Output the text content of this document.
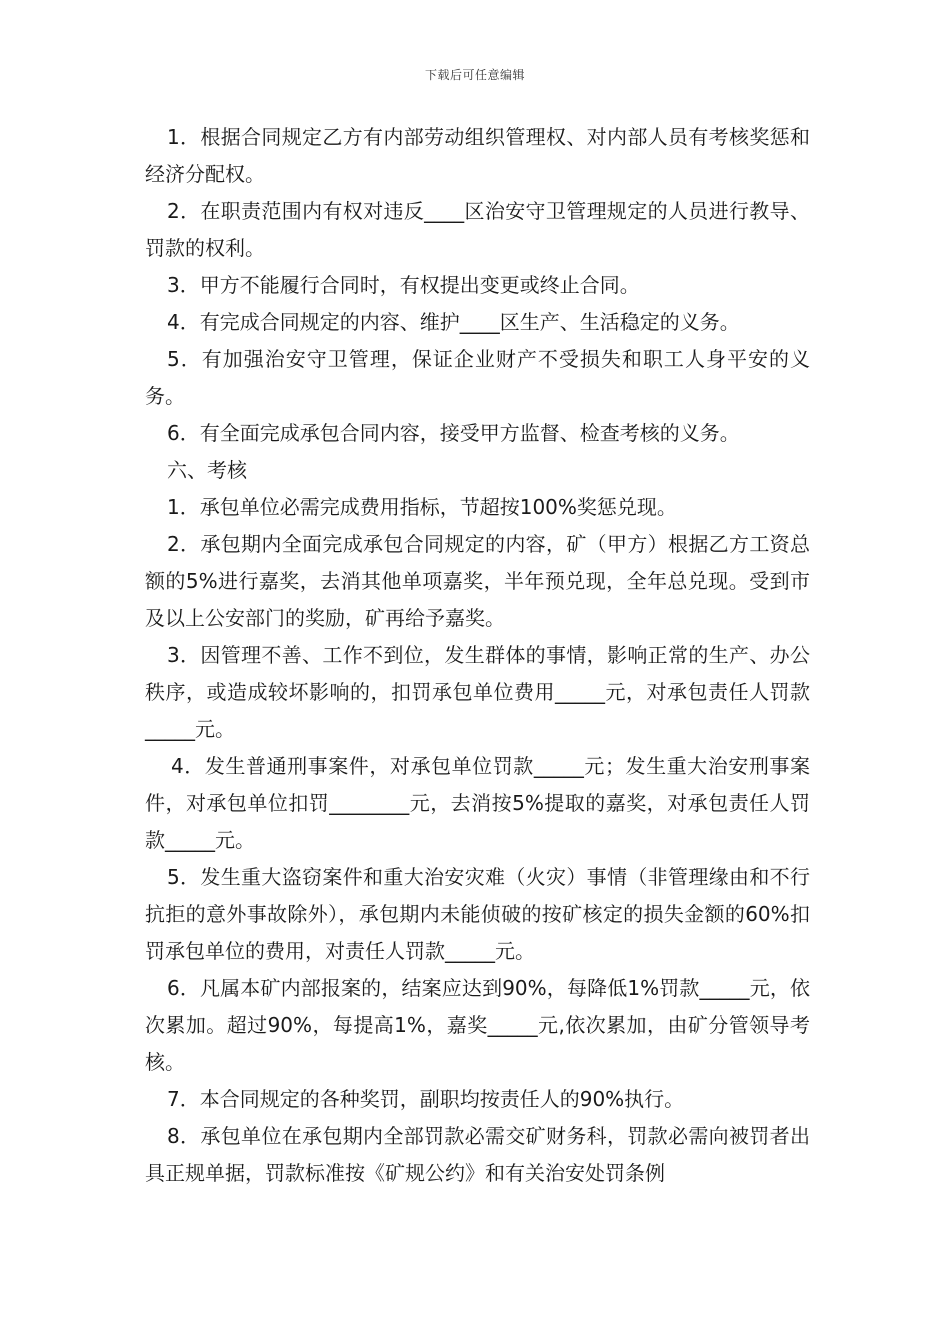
下载后可任意编辑

1．根据合同规定乙方有内部劳动组织管理权、对内部人员有考核奖惩和经济分配权。

2．在职责范围内有权对违反____区治安守卫管理规定的人员进行教导、罚款的权利。

3．甲方不能履行合同时，有权提出变更或终止合同。

4．有完成合同规定的内容、维护____区生产、生活稳定的义务。

5．有加强治安守卫管理，保证企业财产不受损失和职工人身平安的义务。

6．有全面完成承包合同内容，接受甲方监督、检查考核的义务。

六、考核

1．承包单位必需完成费用指标，节超按100%奖惩兑现。

2．承包期内全面完成承包合同规定的内容，矿（甲方）根据乙方工资总额的5%进行嘉奖，去消其他单项嘉奖，半年预兑现，全年总兑现。受到市及以上公安部门的奖励，矿再给予嘉奖。

3．因管理不善、工作不到位，发生群体的事情，影响正常的生产、办公秩序，或造成较坏影响的，扣罚承包单位费用_____元，对承包责任人罚款_____元。

4．发生普通刑事案件，对承包单位罚款_____元；发生重大治安刑事案件，对承包单位扣罚________元，去消按5%提取的嘉奖，对承包责任人罚款_____元。

5．发生重大盗窃案件和重大治安灾难（火灾）事情（非管理缘由和不行抗拒的意外事故除外），承包期内未能侦破的按矿核定的损失金额的60%扣罚承包单位的费用，对责任人罚款_____元。

6．凡属本矿内部报案的，结案应达到90%，每降低1%罚款_____元，依次累加。超过90%，每提高1%，嘉奖_____元,依次累加，由矿分管领导考核。

7．本合同规定的各种奖罚，副职均按责任人的90%执行。

8．承包单位在承包期内全部罚款必需交矿财务科，罚款必需向被罚者出具正规单据，罚款标准按《矿规公约》和有关治安处罚条例
